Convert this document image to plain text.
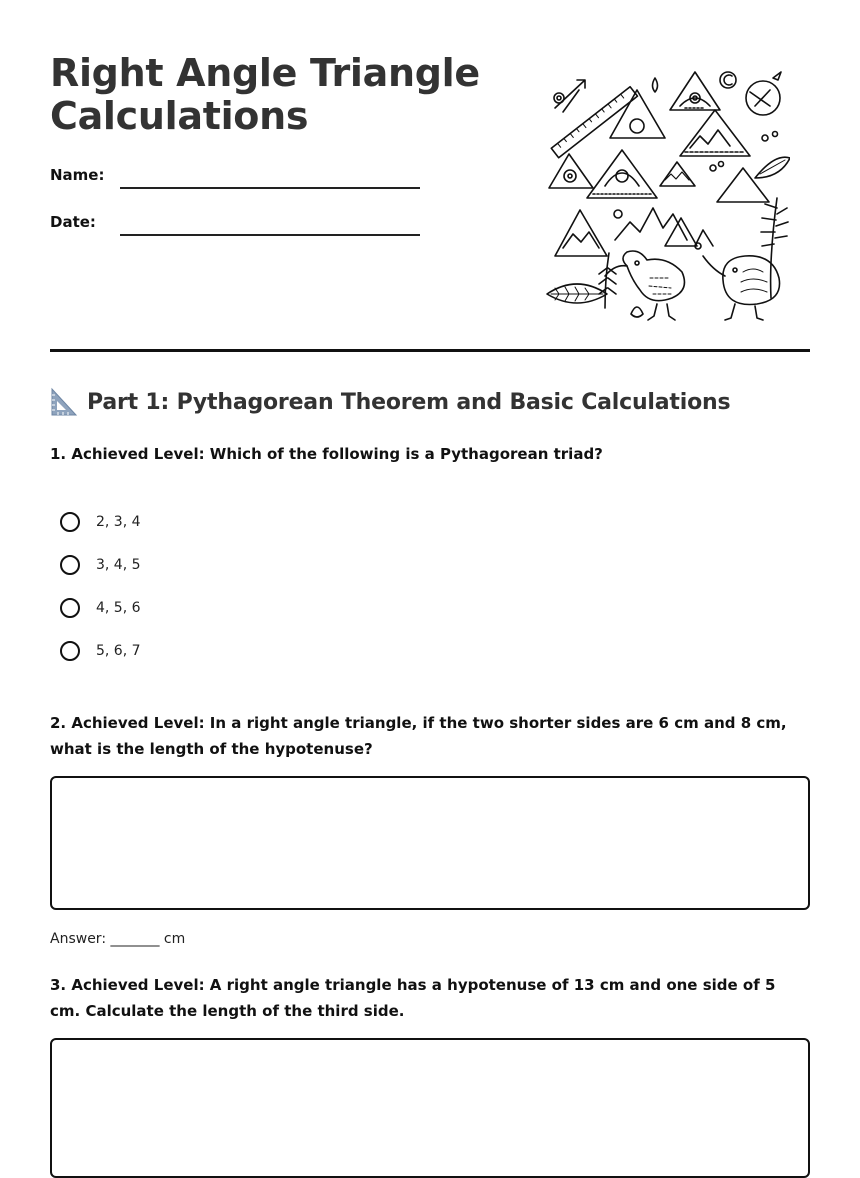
Right Angle Triangle
Calculations
Name:
Date:
Part 1: Pythagorean Theorem and Basic Calculations

1. Achieved Level: Which of the following is a Pythagorean triad?

2, 3, 4
3, 4, 5
4, 5, 6
5, 6, 7

2. Achieved Level: In a right angle triangle, if the two shorter sides are 6 cm and 8 cm, what is the length of the hypotenuse?

Answer: _______ cm

3. Achieved Level: A right angle triangle has a hypotenuse of 13 cm and one side of 5 cm. Calculate the length of the third side.
